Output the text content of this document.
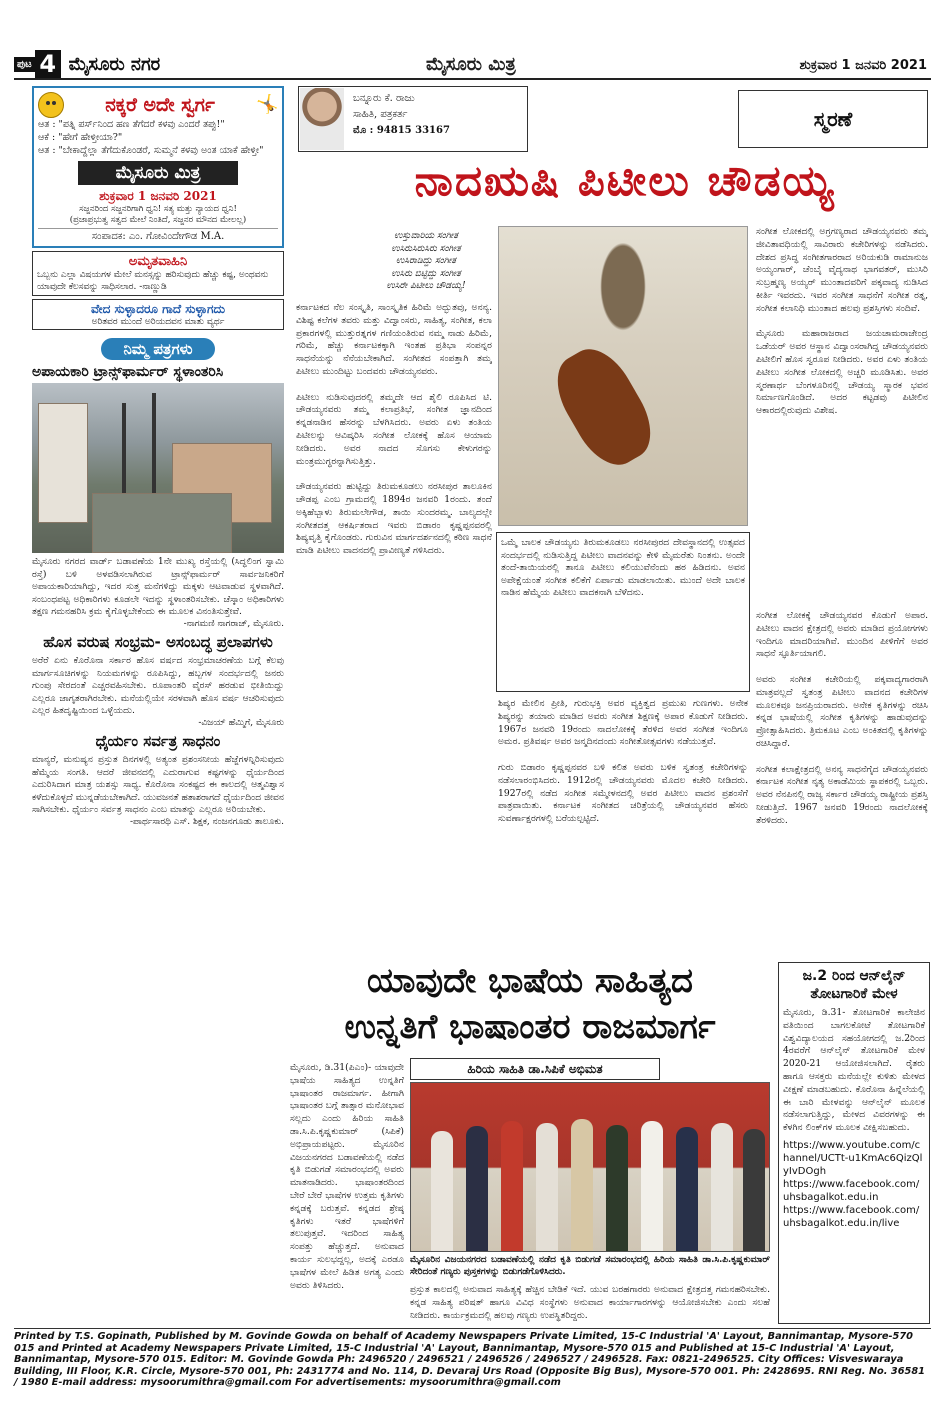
ಪುಟ 4 ಮೈಸೂರು ನಗರ	ಮೈಸೂರು ಮಿತ್ರ	ಶುಕ್ರವಾರ 1 ಜನವರಿ 2021
ನಕ್ಕರೆ ಅದೇ ಸ್ವರ್ಗ 🤸
ಆತ : "ಪತ್ನಿ ಪರ್ಸ್‌ನಿಂದ ಹಣ ತೆಗೆದರೆ ಕಳವು ಎಂದರೆ ತಪ್ಪು!"
ಆಕೆ : "ಹೇಗೆ ಹೇಳ್ತೀಯಾ?"
ಆತ : "ಬೇಕಾದ್ದೆಲ್ಲಾ ತೆಗೆದುಕೊಂಡರೆ, ಸುಮ್ಮನೆ ಕಳವು ಅಂತ ಯಾಕೆ ಹೇಳ್ತೀ"
ಮೈಸೂರು ಮಿತ್ರ
ಶುಕ್ರವಾರ 1 ಜನವರಿ 2021
ಸಜ್ಜನರಿಂದ ಸಜ್ಜನರಿಗಾಗಿ ಧ್ವನಿ! ಸತ್ಯ ಮತ್ತು ನ್ಯಾಯದ ಧ್ವನಿ!
(ಪ್ರಜಾಪ್ರಭುತ್ವ ಸತ್ವದ ಮೇಲೆ ನಿಂತಿದೆ, ಸಜ್ಜನರ ಮೌನದ ಮೇಲಲ್ಲ)
ಸಂಪಾದಕ: ಎಂ. ಗೋವಿಂದೇಗೌಡ M.A.
ಅಮೃತವಾಹಿನಿ
ಒಬ್ಬನು ಎಲ್ಲಾ ವಿಷಯಗಳ ಮೇಲೆ ಮನಸ್ಸನ್ನು ಹರಿಸುವುದು ಹೆಚ್ಚು ಕಷ್ಟ, ಅಂಥವನು ಯಾವುದೇ ಕೆಲಸವನ್ನು ಸಾಧಿಸಲಾರ. -ನಾಣ್ಣುಡಿ
ವೇದ ಸುಳ್ಳಾದರೂ ಗಾದೆ ಸುಳ್ಳಾಗದು
ಅರಿತವರ ಮುಂದೆ ಅರಿಯದವನ ಮಾತು ವ್ಯರ್ಥ
ನಿಮ್ಮ ಪತ್ರಗಳು
ಅಪಾಯಕಾರಿ ಟ್ರಾನ್ಸ್‌ಫಾರ್ಮರ್ ಸ್ಥಳಾಂತರಿಸಿ
ಮೈಸೂರು ನಗರದ ವಾರ್ಡ್ ಬಡಾವಣೆಯ 1ನೇ ಮುಖ್ಯ ರಸ್ತೆಯಲ್ಲಿ (ಸಿದ್ಧಲಿಂಗ ಸ್ವಾಮಿ ರಸ್ತೆ) ಬಳಿ ಅಳವಡಿಸಲಾಗಿರುವ ಟ್ರಾನ್ಸ್‌ಫಾರ್ಮರ್ ಸಾರ್ವಜನಿಕರಿಗೆ ಅಪಾಯಕಾರಿಯಾಗಿದ್ದು, ಇದರ ಸುತ್ತ ಮನೆಗಳಿದ್ದು ಮಕ್ಕಳು ಆಟವಾಡುವ ಸ್ಥಳವಾಗಿದೆ. ಸಂಬಂಧಪಟ್ಟ ಅಧಿಕಾರಿಗಳು ಕೂಡಲೇ ಇದನ್ನು ಸ್ಥಳಾಂತರಿಸಬೇಕು. ಚೆಸ್ಕಾಂ ಅಧಿಕಾರಿಗಳು ತಕ್ಷಣ ಗಮನಹರಿಸಿ ಕ್ರಮ ಕೈಗೊಳ್ಳಬೇಕೆಂದು ಈ ಮೂಲಕ ವಿನಂತಿಸುತ್ತೇವೆ.
-ನಾಗಮಣಿ ನಾಗರಾಜ್, ಮೈಸೂರು.
ಹೊಸ ವರುಷ ಸಂಭ್ರಮ- ಅಸಂಬದ್ಧ ಪ್ರಲಾಪಗಳು
ಅರೆರೆ ಏನು ಕೊರೊನಾ ಸರ್ಕಾರ ಹೊಸ ವರ್ಷದ ಸಂಭ್ರಮಾಚರಣೆಯ ಬಗ್ಗೆ ಕೆಲವು ಮಾರ್ಗಸೂಚಿಗಳನ್ನು ನಿಯಮಗಳನ್ನು ರೂಪಿಸಿದ್ದು, ಹಬ್ಬಗಳ ಸಂದರ್ಭದಲ್ಲಿ ಜನರು ಗುಂಪು ಸೇರದಂತೆ ಎಚ್ಚರವಹಿಸಬೇಕು. ರೂಪಾಂತರಿ ವೈರಸ್ ಹರಡುವ ಭೀತಿಯಿದ್ದು ಎಲ್ಲರೂ ಜಾಗೃತರಾಗಿರಬೇಕು. ಮನೆಯಲ್ಲಿಯೇ ಸರಳವಾಗಿ ಹೊಸ ವರ್ಷ ಆಚರಿಸುವುದು ಎಲ್ಲರ ಹಿತದೃಷ್ಟಿಯಿಂದ ಒಳ್ಳೆಯದು.
-ವಿಜಯ್ ಹೆಮ್ಮಿಗೆ, ಮೈಸೂರು
ಧೈರ್ಯಂ ಸರ್ವತ್ರ ಸಾಧನಂ
ಮಾನ್ಯರೆ, ಮನುಷ್ಯನ ಪ್ರಸ್ತುತ ದಿನಗಳಲ್ಲಿ ಅತ್ಯಂತ ಪ್ರಶಂಸನೀಯ ಹೆಜ್ಜೆಗಳನ್ನಿರಿಸುವುದು ಹೆಮ್ಮೆಯ ಸಂಗತಿ. ಆದರೆ ಜೀವನದಲ್ಲಿ ಎದುರಾಗುವ ಕಷ್ಟಗಳನ್ನು ಧೈರ್ಯದಿಂದ ಎದುರಿಸಿದಾಗ ಮಾತ್ರ ಯಶಸ್ಸು ಸಾಧ್ಯ. ಕೊರೊನಾ ಸಂಕಷ್ಟದ ಈ ಕಾಲದಲ್ಲಿ ಆತ್ಮವಿಶ್ವಾಸ ಕಳೆದುಕೊಳ್ಳದೆ ಮುನ್ನಡೆಯಬೇಕಾಗಿದೆ. ಯುವಜನತೆ ಹತಾಶರಾಗದೆ ಧೈರ್ಯದಿಂದ ಜೀವನ ಸಾಗಿಸಬೇಕು. ಧೈರ್ಯಂ ಸರ್ವತ್ರ ಸಾಧನಂ ಎಂಬ ಮಾತನ್ನು ಎಲ್ಲರೂ ಅರಿಯಬೇಕು.
-ಪಾರ್ಥಸಾರಥಿ ಎಸ್. ಶಿಕ್ಷಕ, ನಂಜನಗೂಡು ತಾಲೂಕು.
ಬನ್ನೂರು ಕೆ. ರಾಜು
ಸಾಹಿತಿ, ಪತ್ರಕರ್ತ
ಮೊ : 94815 33167	ಸ್ಮರಣೆ
ನಾದಋಷಿ ಪಿಟೀಲು ಚೌಡಯ್ಯ
ಉಸ್ತುವಾರಿಯ ಸಂಗೀತ
ಉಸಿರುಸಿರುಸಿರು ಸಂಗೀತ
ಉಸಿರಾಡಿದ್ದು ಸಂಗೀತ
ಉಸಿರು ಬಿಟ್ಟಿದ್ದು ಸಂಗೀತ
ಉಸಿರೇ ಪಿಟೀಲು ಚೌಡಯ್ಯ!
ಕರ್ನಾಟಕದ ನೆಲ ಸಂಸ್ಕೃತಿ, ಸಾಂಸ್ಕೃತಿಕ ಹಿರಿಮೆ ಅದ್ಭುತವು, ಅನನ್ಯ. ವಿಶಿಷ್ಟ ಕಲೆಗಳ ತವರು ಮತ್ತು ವಿದ್ವಾಂಸರು, ಸಾಹಿತ್ಯ, ಸಂಗೀತ, ಕಲಾ ಪ್ರಕಾರಗಳಲ್ಲಿ ಮುತ್ತುರತ್ನಗಳ ಗಣಿಯಂತಿರುವ ನಮ್ಮ ನಾಡು ಹಿರಿಮೆ, ಗರಿಮೆ, ಹೆಚ್ಚು ಕರ್ನಾಟಕಕ್ಕಾಗಿ ಇಂತಹ ಪ್ರತಿಭಾ ಸಂಪನ್ನರ ಸಾಧನೆಯನ್ನು ನೆನೆಯಬೇಕಾಗಿದೆ. ಸಂಗೀತದ ಸಂಪತ್ತಾಗಿ ತಮ್ಮ ಪಿಟೀಲು ಮುಂದಿಟ್ಟು ಬಂದವರು ಚೌಡಯ್ಯನವರು.

ಪಿಟೀಲು ನುಡಿಸುವುದರಲ್ಲಿ ತಮ್ಮದೇ ಆದ ಶೈಲಿ ರೂಪಿಸಿದ ಟಿ. ಚೌಡಯ್ಯನವರು ತಮ್ಮ ಕಲಾಪ್ರತಿಭೆ, ಸಂಗೀತ ಜ್ಞಾನದಿಂದ ಕನ್ನಡನಾಡಿನ ಹೆಸರನ್ನು ಬೆಳಗಿಸಿದರು. ಅವರು ಏಳು ತಂತಿಯ ಪಿಟೀಲನ್ನು ಆವಿಷ್ಕರಿಸಿ ಸಂಗೀತ ಲೋಕಕ್ಕೆ ಹೊಸ ಆಯಾಮ ನೀಡಿದರು. ಅವರ ನಾದದ ಸೊಗಸು ಕೇಳುಗರನ್ನು ಮಂತ್ರಮುಗ್ಧರನ್ನಾಗಿಸುತ್ತಿತ್ತು.

ಚೌಡಯ್ಯನವರು ಹುಟ್ಟಿದ್ದು ತಿರುಮಕೂಡಲು ನರಸೀಪುರ ತಾಲೂಕಿನ ಚೌಡಪ್ಪ ಎಂಬ ಗ್ರಾಮದಲ್ಲಿ 1894ರ ಜನವರಿ 1ರಂದು. ತಂದೆ ಅಕ್ಕಿಹೆಬ್ಬಾಳು ತಿರುಮಲೇಗೌಡ, ತಾಯಿ ಸುಂದರಮ್ಮ. ಬಾಲ್ಯದಲ್ಲೇ ಸಂಗೀತದತ್ತ ಆಕರ್ಷಿತರಾದ ಇವರು ಬಿಡಾರಂ ಕೃಷ್ಣಪ್ಪನವರಲ್ಲಿ ಶಿಷ್ಯವೃತ್ತಿ ಕೈಗೊಂಡರು. ಗುರುವಿನ ಮಾರ್ಗದರ್ಶನದಲ್ಲಿ ಕಠಿಣ ಸಾಧನೆ ಮಾಡಿ ಪಿಟೀಲು ವಾದನದಲ್ಲಿ ಪ್ರಾವೀಣ್ಯತೆ ಗಳಿಸಿದರು.
ಒಮ್ಮೆ ಬಾಲಕ ಚೌಡಯ್ಯನು ತಿರುಮಕೂಡಲು ನರಸೀಪುರದ ದೇವಸ್ಥಾನದಲ್ಲಿ ಉತ್ಸವದ ಸಂದರ್ಭದಲ್ಲಿ ನುಡಿಸುತ್ತಿದ್ದ ಪಿಟೀಲು ವಾದನವನ್ನು ಕೇಳಿ ಮೈಮರೆತು ನಿಂತನು. ಅಂದೇ ತಂದೆ-ತಾಯಿಯರಲ್ಲಿ ತಾನೂ ಪಿಟೀಲು ಕಲಿಯುವೆನೆಂದು ಹಠ ಹಿಡಿದನು. ಅವನ ಅಪೇಕ್ಷೆಯಂತೆ ಸಂಗೀತ ಕಲಿಕೆಗೆ ಏರ್ಪಾಡು ಮಾಡಲಾಯಿತು. ಮುಂದೆ ಅದೇ ಬಾಲಕ ನಾಡಿನ ಹೆಮ್ಮೆಯ ಪಿಟೀಲು ವಾದಕನಾಗಿ ಬೆಳೆದನು.
ಶಿಷ್ಯರ ಮೇಲಿನ ಪ್ರೀತಿ, ಗುರುಭಕ್ತಿ ಅವರ ವ್ಯಕ್ತಿತ್ವದ ಪ್ರಮುಖ ಗುಣಗಳು. ಅನೇಕ ಶಿಷ್ಯರನ್ನು ತಯಾರು ಮಾಡಿದ ಅವರು ಸಂಗೀತ ಶಿಕ್ಷಣಕ್ಕೆ ಅಪಾರ ಕೊಡುಗೆ ನೀಡಿದರು. 1967ರ ಜನವರಿ 19ರಂದು ನಾದಲೋಕಕ್ಕೆ ತೆರಳಿದ ಅವರ ಸಂಗೀತ ಇಂದಿಗೂ ಅಮರ. ಪ್ರತಿವರ್ಷ ಅವರ ಜನ್ಮದಿನದಂದು ಸಂಗೀತೋತ್ಸವಗಳು ನಡೆಯುತ್ತವೆ.

ಗುರು ಬಿಡಾರಂ ಕೃಷ್ಣಪ್ಪನವರ ಬಳಿ ಕಲಿತ ಅವರು ಬಳಿಕ ಸ್ವತಂತ್ರ ಕಚೇರಿಗಳನ್ನು ನಡೆಸಲಾರಂಭಿಸಿದರು. 1912ರಲ್ಲಿ ಚೌಡಯ್ಯನವರು ಮೊದಲ ಕಚೇರಿ ನೀಡಿದರು. 1927ರಲ್ಲಿ ನಡೆದ ಸಂಗೀತ ಸಮ್ಮೇಳನದಲ್ಲಿ ಅವರ ಪಿಟೀಲು ವಾದನ ಪ್ರಶಂಸೆಗೆ ಪಾತ್ರವಾಯಿತು. ಕರ್ನಾಟಕ ಸಂಗೀತದ ಚರಿತ್ರೆಯಲ್ಲಿ ಚೌಡಯ್ಯನವರ ಹೆಸರು ಸುವರ್ಣಾಕ್ಷರಗಳಲ್ಲಿ ಬರೆಯಲ್ಪಟ್ಟಿದೆ.
ಸಂಗೀತ ಲೋಕದಲ್ಲಿ ಅಗ್ರಗಣ್ಯರಾದ ಚೌಡಯ್ಯನವರು ತಮ್ಮ ಜೀವಿತಾವಧಿಯಲ್ಲಿ ಸಾವಿರಾರು ಕಚೇರಿಗಳನ್ನು ನಡೆಸಿದರು. ದೇಶದ ಪ್ರಸಿದ್ಧ ಸಂಗೀತಗಾರರಾದ ಅರಿಯಕುಡಿ ರಾಮಾನುಜ ಅಯ್ಯಂಗಾರ್, ಚೆಂಬೈ ವೈದ್ಯನಾಥ ಭಾಗವತರ್, ಮುಸಿರಿ ಸುಬ್ರಹ್ಮಣ್ಯ ಅಯ್ಯರ್ ಮುಂತಾದವರಿಗೆ ಪಕ್ಕವಾದ್ಯ ನುಡಿಸಿದ ಕೀರ್ತಿ ಇವರದು. ಇವರ ಸಂಗೀತ ಸಾಧನೆಗೆ ಸಂಗೀತ ರತ್ನ, ಸಂಗೀತ ಕಲಾನಿಧಿ ಮುಂತಾದ ಹಲವು ಪ್ರಶಸ್ತಿಗಳು ಸಂದಿವೆ.

ಮೈಸೂರು ಮಹಾರಾಜರಾದ ಜಯಚಾಮರಾಜೇಂದ್ರ ಒಡೆಯರ್ ಅವರ ಆಸ್ಥಾನ ವಿದ್ವಾಂಸರಾಗಿದ್ದ ಚೌಡಯ್ಯನವರು ಪಿಟೀಲಿಗೆ ಹೊಸ ಸ್ವರೂಪ ನೀಡಿದರು. ಅವರ ಏಳು ತಂತಿಯ ಪಿಟೀಲು ಸಂಗೀತ ಲೋಕದಲ್ಲಿ ಅಚ್ಚರಿ ಮೂಡಿಸಿತು. ಅವರ ಸ್ಮರಣಾರ್ಥ ಬೆಂಗಳೂರಿನಲ್ಲಿ ಚೌಡಯ್ಯ ಸ್ಮಾರಕ ಭವನ ನಿರ್ಮಾಣಗೊಂಡಿದೆ. ಅದರ ಕಟ್ಟಡವು ಪಿಟೀಲಿನ ಆಕಾರದಲ್ಲಿರುವುದು ವಿಶೇಷ.
ಸಂಗೀತ ಲೋಕಕ್ಕೆ ಚೌಡಯ್ಯನವರ ಕೊಡುಗೆ ಅಪಾರ. ಪಿಟೀಲು ವಾದನ ಕ್ಷೇತ್ರದಲ್ಲಿ ಅವರು ಮಾಡಿದ ಪ್ರಯೋಗಗಳು ಇಂದಿಗೂ ಮಾದರಿಯಾಗಿವೆ. ಮುಂದಿನ ಪೀಳಿಗೆಗೆ ಅವರ ಸಾಧನೆ ಸ್ಫೂರ್ತಿಯಾಗಲಿ.

ಅವರು ಸಂಗೀತ ಕಚೇರಿಯಲ್ಲಿ ಪಕ್ಕವಾದ್ಯಗಾರರಾಗಿ ಮಾತ್ರವಲ್ಲದೆ ಸ್ವತಂತ್ರ ಪಿಟೀಲು ವಾದನದ ಕಚೇರಿಗಳ ಮೂಲಕವೂ ಜನಪ್ರಿಯರಾದರು. ಅನೇಕ ಕೃತಿಗಳನ್ನು ರಚಿಸಿ ಕನ್ನಡ ಭಾಷೆಯಲ್ಲಿ ಸಂಗೀತ ಕೃತಿಗಳನ್ನು ಹಾಡುವುದನ್ನು ಪ್ರೋತ್ಸಾಹಿಸಿದರು. ತ್ರಿಮಕೂಟ ಎಂಬ ಅಂಕಿತದಲ್ಲಿ ಕೃತಿಗಳನ್ನು ರಚಿಸಿದ್ದಾರೆ.

ಸಂಗೀತ ಕಲಾಕ್ಷೇತ್ರದಲ್ಲಿ ಅನನ್ಯ ಸಾಧನೆಗೈದ ಚೌಡಯ್ಯನವರು ಕರ್ನಾಟಕ ಸಂಗೀತ ನೃತ್ಯ ಅಕಾಡೆಮಿಯ ಸ್ಥಾಪಕರಲ್ಲಿ ಒಬ್ಬರು. ಅವರ ನೆನಪಿನಲ್ಲಿ ರಾಜ್ಯ ಸರ್ಕಾರ ಚೌಡಯ್ಯ ರಾಷ್ಟ್ರೀಯ ಪ್ರಶಸ್ತಿ ನೀಡುತ್ತಿದೆ. 1967 ಜನವರಿ 19ರಂದು ನಾದಲೋಕಕ್ಕೆ ತೆರಳಿದರು.
ಯಾವುದೇ ಭಾಷೆಯ ಸಾಹಿತ್ಯದ
ಉನ್ನತಿಗೆ ಭಾಷಾಂತರ ರಾಜಮಾರ್ಗ
ಹಿರಿಯ ಸಾಹಿತಿ ಡಾ.ಸಿಪಿಕೆ ಅಭಿಮತ
ಮೈಸೂರು, ಡಿ.31(ಪಿಎಂ)- ಯಾವುದೇ ಭಾಷೆಯ ಸಾಹಿತ್ಯದ ಉನ್ನತಿಗೆ ಭಾಷಾಂತರ ರಾಜಮಾರ್ಗ. ಹೀಗಾಗಿ ಭಾಷಾಂತರ ಬಗ್ಗೆ ತಾತ್ಸಾರ ಮನೋಭಾವ ಸಲ್ಲದು ಎಂದು ಹಿರಿಯ ಸಾಹಿತಿ ಡಾ.ಸಿ.ಪಿ.ಕೃಷ್ಣಕುಮಾರ್ (ಸಿಪಿಕೆ) ಅಭಿಪ್ರಾಯಪಟ್ಟರು. ಮೈಸೂರಿನ ವಿಜಯನಗರದ ಬಡಾವಣೆಯಲ್ಲಿ ನಡೆದ ಕೃತಿ ಬಿಡುಗಡೆ ಸಮಾರಂಭದಲ್ಲಿ ಅವರು ಮಾತನಾಡಿದರು. ಭಾಷಾಂತರದಿಂದ ಬೇರೆ ಬೇರೆ ಭಾಷೆಗಳ ಉತ್ತಮ ಕೃತಿಗಳು ಕನ್ನಡಕ್ಕೆ ಬರುತ್ತವೆ. ಕನ್ನಡದ ಶ್ರೇಷ್ಠ ಕೃತಿಗಳು ಇತರೆ ಭಾಷೆಗಳಿಗೆ ತಲುಪುತ್ತವೆ. ಇದರಿಂದ ಸಾಹಿತ್ಯ ಸಂಪತ್ತು ಹೆಚ್ಚುತ್ತದೆ. ಅನುವಾದ ಕಾರ್ಯ ಸುಲಭದ್ದಲ್ಲ, ಅದಕ್ಕೆ ಎರಡೂ ಭಾಷೆಗಳ ಮೇಲೆ ಹಿಡಿತ ಅಗತ್ಯ ಎಂದು ಅವರು ತಿಳಿಸಿದರು.
ಮೈಸೂರಿನ ವಿಜಯನಗರದ ಬಡಾವಣೆಯಲ್ಲಿ ನಡೆದ ಕೃತಿ ಬಿಡುಗಡೆ ಸಮಾರಂಭದಲ್ಲಿ ಹಿರಿಯ ಸಾಹಿತಿ ಡಾ.ಸಿ.ಪಿ.ಕೃಷ್ಣಕುಮಾರ್ ಸೇರಿದಂತೆ ಗಣ್ಯರು ಪುಸ್ತಕಗಳನ್ನು ಬಿಡುಗಡೆಗೊಳಿಸಿದರು.
ಪ್ರಸ್ತುತ ಕಾಲದಲ್ಲಿ ಅನುವಾದ ಸಾಹಿತ್ಯಕ್ಕೆ ಹೆಚ್ಚಿನ ಬೇಡಿಕೆ ಇದೆ. ಯುವ ಬರಹಗಾರರು ಅನುವಾದ ಕ್ಷೇತ್ರದತ್ತ ಗಮನಹರಿಸಬೇಕು. ಕನ್ನಡ ಸಾಹಿತ್ಯ ಪರಿಷತ್ ಹಾಗೂ ವಿವಿಧ ಸಂಸ್ಥೆಗಳು ಅನುವಾದ ಕಾರ್ಯಾಗಾರಗಳನ್ನು ಆಯೋಜಿಸಬೇಕು ಎಂದು ಸಲಹೆ ನೀಡಿದರು. ಕಾರ್ಯಕ್ರಮದಲ್ಲಿ ಹಲವು ಗಣ್ಯರು ಉಪಸ್ಥಿತರಿದ್ದರು.
ಜ.2 ರಿಂದ ಆನ್‌ಲೈನ್ ತೋಟಗಾರಿಕೆ ಮೇಳ
ಮೈಸೂರು, ಡಿ.31- ತೋಟಗಾರಿಕೆ ಕಾಲೇಜಿನ ವತಿಯಿಂದ ಬಾಗಲಕೋಟೆ ತೋಟಗಾರಿಕೆ ವಿಶ್ವವಿದ್ಯಾಲಯದ ಸಹಯೋಗದಲ್ಲಿ ಜ.2ರಿಂದ 4ರವರೆಗೆ ಆನ್‌ಲೈನ್ ತೋಟಗಾರಿಕೆ ಮೇಳ 2020-21 ಆಯೋಜಿಸಲಾಗಿದೆ. ರೈತರು ಹಾಗೂ ಆಸಕ್ತರು ಮನೆಯಲ್ಲೇ ಕುಳಿತು ಮೇಳದ ವೀಕ್ಷಣೆ ಮಾಡಬಹುದು. ಕೊರೊನಾ ಹಿನ್ನೆಲೆಯಲ್ಲಿ ಈ ಬಾರಿ ಮೇಳವನ್ನು ಆನ್‌ಲೈನ್ ಮೂಲಕ ನಡೆಸಲಾಗುತ್ತಿದ್ದು, ಮೇಳದ ವಿವರಗಳನ್ನು ಈ ಕೆಳಗಿನ ಲಿಂಕ್‌ಗಳ ಮೂಲಕ ವೀಕ್ಷಿಸಬಹುದು.
https://www.youtube.com/channel/UCTt-u1KmAc6QizQlyIvDOgh
https://www.facebook.com/uhsbagalkot.edu.in
https://www.facebook.com/uhsbagalkot.edu.in/live
Printed by T.S. Gopinath, Published by M. Govinde Gowda on behalf of Academy Newspapers Private Limited, 15-C Industrial 'A' Layout, Bannimantap, Mysore-570 015 and Printed at Academy Newspapers Private Limited, 15-C Industrial 'A' Layout, Bannimantap, Mysore-570 015 and Published at 15-C Industrial 'A' Layout, Bannimantap, Mysore-570 015. Editor: M. Govinde Gowda Ph: 2496520 / 2496521 / 2496526 / 2496527 / 2496528. Fax: 0821-2496525. City Offices: Visveswaraya Building, III Floor, K.R. Circle, Mysore-570 001, Ph: 2431774 and No. 114, D. Devaraj Urs Road (Opposite Big Bus), Mysore-570 001. Ph: 2428695. RNI Reg. No. 36581 / 1980 E-mail address: mysoorumithra@gmail.com For advertisements: mysoorumithra@gmail.com
